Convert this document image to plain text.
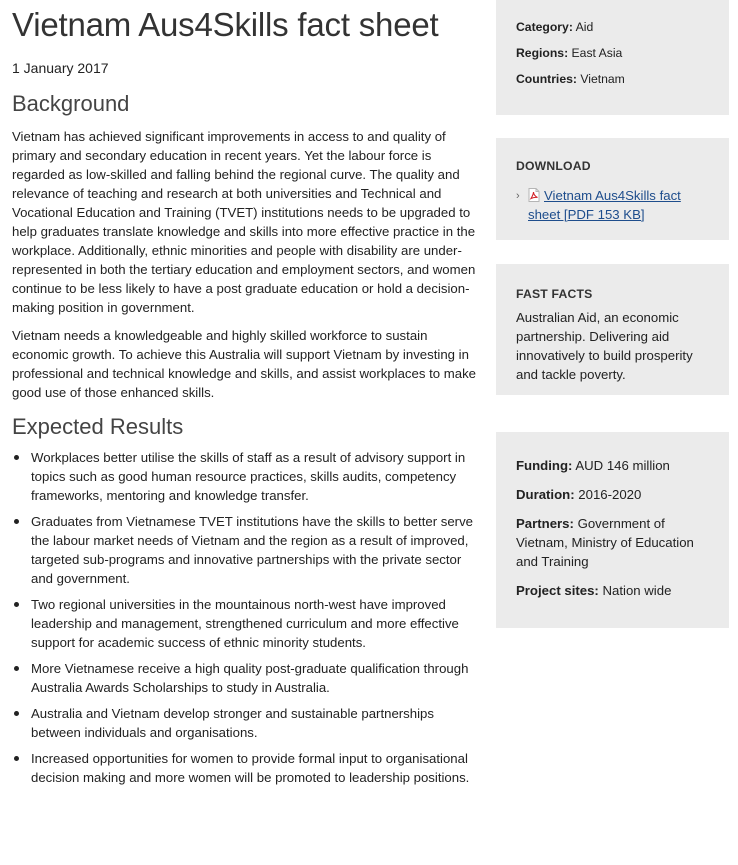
Vietnam Aus4Skills fact sheet
1 January 2017
Background

Vietnam has achieved significant improvements in access to and quality of primary and secondary education in recent years. Yet the labour force is regarded as low-skilled and falling behind the regional curve. The quality and relevance of teaching and research at both universities and Technical and Vocational Education and Training (TVET) institutions needs to be upgraded to help graduates translate knowledge and skills into more effective practice in the workplace. Additionally, ethnic minorities and people with disability are under-represented in both the tertiary education and employment sectors, and women continue to be less likely to have a post graduate education or hold a decision-making position in government.

Vietnam needs a knowledgeable and highly skilled workforce to sustain economic growth. To achieve this Australia will support Vietnam by investing in professional and technical knowledge and skills, and assist workplaces to make good use of those enhanced skills.

Expected Results
Workplaces better utilise the skills of staff as a result of advisory support in topics such as good human resource practices, skills audits, competency frameworks, mentoring and knowledge transfer.
Graduates from Vietnamese TVET institutions have the skills to better serve the labour market needs of Vietnam and the region as a result of improved, targeted sub-programs and innovative partnerships with the private sector and government.
Two regional universities in the mountainous north-west have improved leadership and management, strengthened curriculum and more effective support for academic success of ethnic minority students.
More Vietnamese receive a high quality post-graduate qualification through Australia Awards Scholarships to study in Australia.
Australia and Vietnam develop stronger and sustainable partnerships between individuals and organisations.
Increased opportunities for women to provide formal input to organisational decision making and more women will be promoted to leadership positions.
Category: Aid
Regions: East Asia
Countries: Vietnam
DOWNLOAD
›	Vietnam Aus4Skills fact sheet [PDF 153 KB]
FAST FACTS
Australian Aid, an economic partnership. Delivering aid innovatively to build prosperity and tackle poverty.
Funding: AUD 146 million
Duration: 2016-2020
Partners: Government of Vietnam, Ministry of Education and Training
Project sites: Nation wide
